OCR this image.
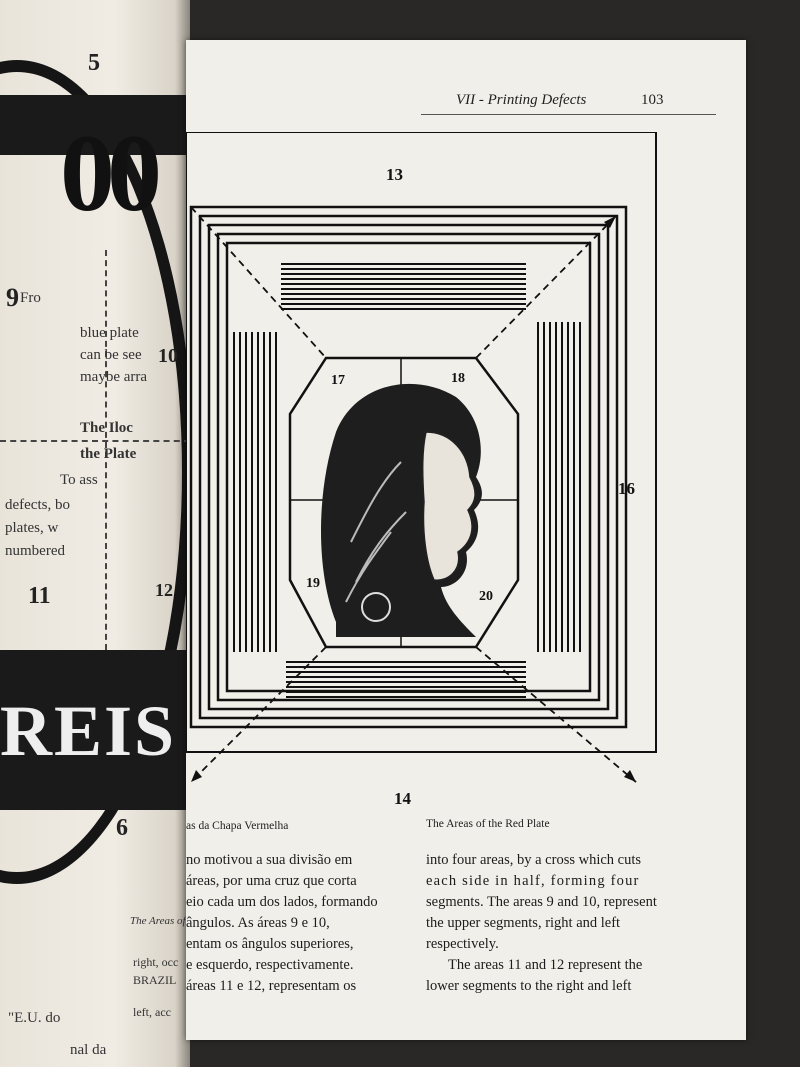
00
REIS
5
9
10
11	12
6
Fro
blue plate
can be see
maybe arra
The Iloc
the Plate
To ass
defects, bo
plates, w
numbered
"E.U. do
right, occ
BRAZIL
left, acc
nal da
The Areas of
VII - Printing Defects	103
13
14
16
17	18
19
20
as da Chapa Vermelha	The Areas of the Red Plate
no motivou a sua divisão em
áreas, por uma cruz que corta
eio cada um dos lados, formando
ângulos. As áreas 9 e 10,
entam os ângulos superiores,
e esquerdo, respectivamente.
áreas 11 e 12, representam os
into four areas, by a cross which cuts
each side in half, forming four
segments. The areas 9 and 10, represent
the upper segments, right and left
respectively.
The areas 11 and 12 represent the
lower segments to the right and left
